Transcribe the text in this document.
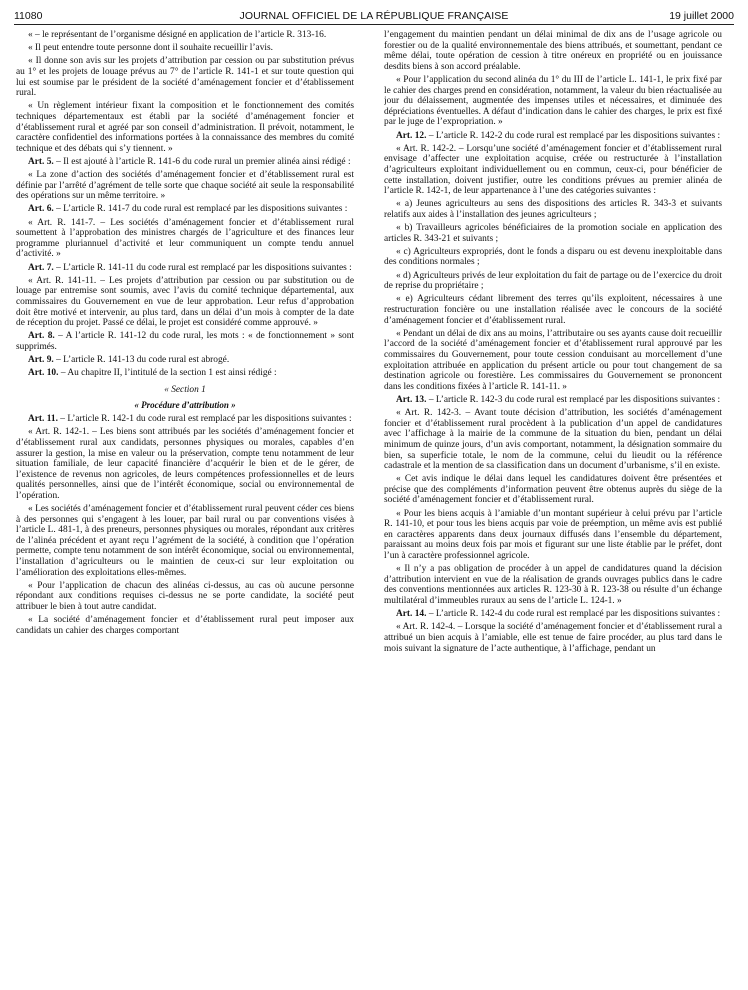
11080	JOURNAL OFFICIEL DE LA RÉPUBLIQUE FRANÇAISE	19 juillet 2000

« – le représentant de l’organisme désigné en application de l’article R. 313-16.

« Il peut entendre toute personne dont il souhaite recueillir l’avis.

« Il donne son avis sur les projets d’attribution par cession ou par substitution prévus au 1° et les projets de louage prévus au 7° de l’article R. 141-1 et sur toute question qui lui est soumise par le président de la société d’aménagement foncier et d’établissement rural.

« Un règlement intérieur fixant la composition et le fonctionnement des comités techniques départementaux est établi par la société d’aménagement foncier et d’établissement rural et agréé par son conseil d’administration. Il prévoit, notamment, le caractère confidentiel des informations portées à la connaissance des membres du comité technique et des débats qui s’y tiennent. »

Art. 5. – Il est ajouté à l’article R. 141-6 du code rural un premier alinéa ainsi rédigé :

« La zone d’action des sociétés d’aménagement foncier et d’établissement rural est définie par l’arrêté d’agrément de telle sorte que chaque société ait seule la responsabilité des opérations sur un même territoire. »

Art. 6. – L’article R. 141-7 du code rural est remplacé par les dispositions suivantes :

« Art. R. 141-7. – Les sociétés d’aménagement foncier et d’établissement rural soumettent à l’approbation des ministres chargés de l’agriculture et des finances leur programme pluriannuel d’activité et leur communiquent un compte tendu annuel d’activité. »

Art. 7. – L’article R. 141-11 du code rural est remplacé par les dispositions suivantes :

« Art. R. 141-11. – Les projets d’attribution par cession ou par substitution ou de louage par entremise sont soumis, avec l’avis du comité technique départemental, aux commissaires du Gouvernement en vue de leur approbation. Leur refus d’approbation doit être motivé et intervenir, au plus tard, dans un délai d’un mois à compter de la date de réception du projet. Passé ce délai, le projet est considéré comme approuvé. »

Art. 8. – A l’article R. 141-12 du code rural, les mots : « de fonctionnement » sont supprimés.

Art. 9. – L’article R. 141-13 du code rural est abrogé.

Art. 10. – Au chapitre II, l’intitulé de la section 1 est ainsi rédigé :

« Section 1

« Procédure d’attribution »

Art. 11. – L’article R. 142-1 du code rural est remplacé par les dispositions suivantes :

« Art. R. 142-1. – Les biens sont attribués par les sociétés d’aménagement foncier et d’établissement rural aux candidats, personnes physiques ou morales, capables d’en assurer la gestion, la mise en valeur ou la préservation, compte tenu notamment de leur situation familiale, de leur capacité financière d’acquérir le bien et de le gérer, de l’existence de revenus non agricoles, de leurs compétences professionnelles et de leurs qualités personnelles, ainsi que de l’intérêt économique, social ou environnemental de l’opération.

« Les sociétés d’aménagement foncier et d’établissement rural peuvent céder ces biens à des personnes qui s’engagent à les louer, par bail rural ou par conventions visées à l’article L. 481-1, à des preneurs, personnes physiques ou morales, répondant aux critères de l’alinéa précédent et ayant reçu l’agrément de la société, à condition que l’opération permette, compte tenu notamment de son intérêt économique, social ou environnemental, l’installation d’agriculteurs ou le maintien de ceux-ci sur leur exploitation ou l’amélioration des exploitations elles-mêmes.

« Pour l’application de chacun des alinéas ci-dessus, au cas où aucune personne répondant aux conditions requises ci-dessus ne se porte candidate, la société peut attribuer le bien à tout autre candidat.

« La société d’aménagement foncier et d’établissement rural peut imposer aux candidats un cahier des charges comportant

l’engagement du maintien pendant un délai minimal de dix ans de l’usage agricole ou forestier ou de la qualité environnementale des biens attribués, et soumettant, pendant ce même délai, toute opération de cession à titre onéreux en propriété ou en jouissance desdits biens à son accord préalable.

« Pour l’application du second alinéa du 1° du III de l’article L. 141-1, le prix fixé par le cahier des charges prend en considération, notamment, la valeur du bien réactualisée au jour du délaissement, augmentée des impenses utiles et nécessaires, et diminuée des dépréciations éventuelles. A défaut d’indication dans le cahier des charges, le prix est fixé par le juge de l’expropriation. »

Art. 12. – L’article R. 142-2 du code rural est remplacé par les dispositions suivantes :

« Art. R. 142-2. – Lorsqu’une société d’aménagement foncier et d’établissement rural envisage d’affecter une exploitation acquise, créée ou restructurée à l’installation d’agriculteurs exploitant individuellement ou en commun, ceux-ci, pour bénéficier de cette installation, doivent justifier, outre les conditions prévues au premier alinéa de l’article R. 142-1, de leur appartenance à l’une des catégories suivantes :

« a) Jeunes agriculteurs au sens des dispositions des articles R. 343-3 et suivants relatifs aux aides à l’installation des jeunes agriculteurs ;

« b) Travailleurs agricoles bénéficiaires de la promotion sociale en application des articles R. 343-21 et suivants ;

« c) Agriculteurs expropriés, dont le fonds a disparu ou est devenu inexploitable dans des conditions normales ;

« d) Agriculteurs privés de leur exploitation du fait de partage ou de l’exercice du droit de reprise du propriétaire ;

« e) Agriculteurs cédant librement des terres qu’ils exploitent, nécessaires à une restructuration foncière ou une installation réalisée avec le concours de la société d’aménagement foncier et d’établissement rural.

« Pendant un délai de dix ans au moins, l’attributaire ou ses ayants cause doit recueillir l’accord de la société d’aménagement foncier et d’établissement rural approuvé par les commissaires du Gouvernement, pour toute cession conduisant au morcellement d’une exploitation attribuée en application du présent article ou pour tout changement de sa destination agricole ou forestière. Les commissaires du Gouvernement se prononcent dans les conditions fixées à l’article R. 141-11. »

Art. 13. – L’article R. 142-3 du code rural est remplacé par les dispositions suivantes :

« Art. R. 142-3. – Avant toute décision d’attribution, les sociétés d’aménagement foncier et d’établissement rural procèdent à la publication d’un appel de candidatures avec l’affichage à la mairie de la commune de la situation du bien, pendant un délai minimum de quinze jours, d’un avis comportant, notamment, la désignation sommaire du bien, sa superficie totale, le nom de la commune, celui du lieudit ou la référence cadastrale et la mention de sa classification dans un document d’urbanisme, s’il en existe.

« Cet avis indique le délai dans lequel les candidatures doivent être présentées et précise que des compléments d’information peuvent être obtenus auprès du siège de la société d’aménagement foncier et d’établissement rural.

« Pour les biens acquis à l’amiable d’un montant supérieur à celui prévu par l’article R. 141-10, et pour tous les biens acquis par voie de préemption, un même avis est publié en caractères apparents dans deux journaux diffusés dans l’ensemble du département, paraissant au moins deux fois par mois et figurant sur une liste établie par le préfet, dont l’un à caractère professionnel agricole.

« Il n’y a pas obligation de procéder à un appel de candidatures quand la décision d’attribution intervient en vue de la réalisation de grands ouvrages publics dans le cadre des conventions mentionnées aux articles R. 123-30 à R. 123-38 ou résulte d’un échange multilatéral d’immeubles ruraux au sens de l’article L. 124-1. »

Art. 14. – L’article R. 142-4 du code rural est remplacé par les dispositions suivantes :

« Art. R. 142-4. – Lorsque la société d’aménagement foncier et d’établissement rural a attribué un bien acquis à l’amiable, elle est tenue de faire procéder, au plus tard dans le mois suivant la signature de l’acte authentique, à l’affichage, pendant un
